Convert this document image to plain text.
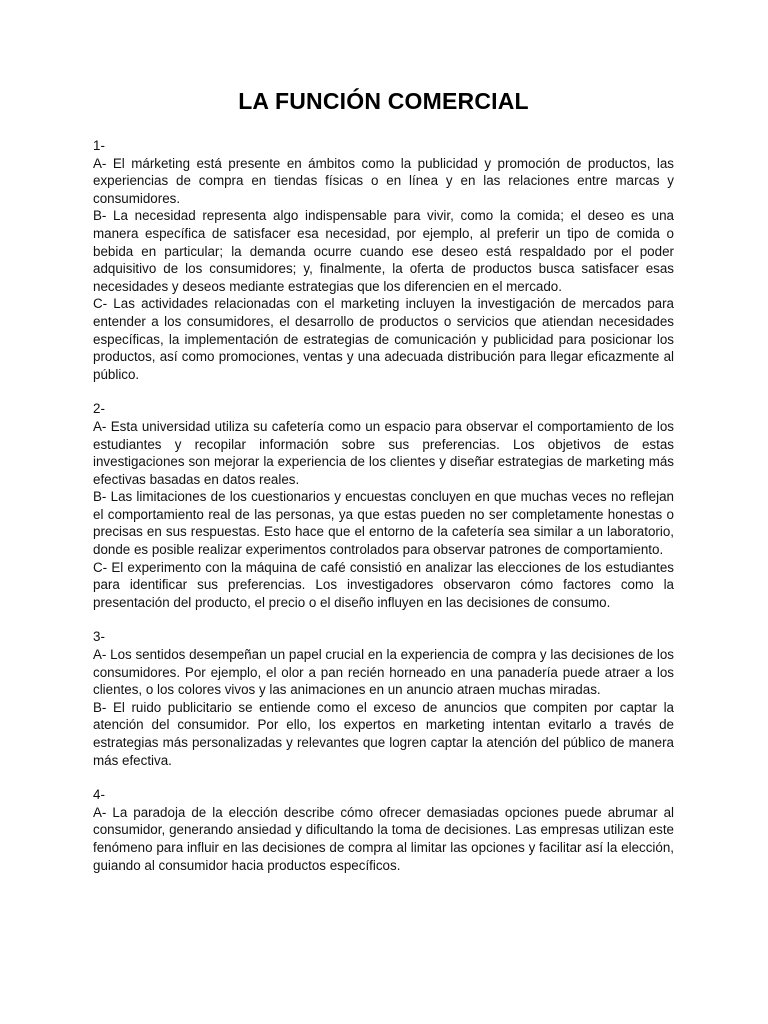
LA FUNCIÓN COMERCIAL

1-

A- El márketing está presente en ámbitos como la publicidad y promoción de productos, las experiencias de compra en tiendas físicas o en línea y en las relaciones entre marcas y consumidores.

B- La necesidad representa algo indispensable para vivir, como la comida; el deseo es una manera específica de satisfacer esa necesidad, por ejemplo, al preferir un tipo de comida o bebida en particular; la demanda ocurre cuando ese deseo está respaldado por el poder adquisitivo de los consumidores; y, finalmente, la oferta de productos busca satisfacer esas necesidades y deseos mediante estrategias que los diferencien en el mercado.

C- Las actividades relacionadas con el marketing incluyen la investigación de mercados para entender a los consumidores, el desarrollo de productos o servicios que atiendan necesidades específicas, la implementación de estrategias de comunicación y publicidad para posicionar los productos, así como promociones, ventas y una adecuada distribución para llegar eficazmente al público.

2-

A- Esta universidad utiliza su cafetería como un espacio para observar el comportamiento de los estudiantes y recopilar información sobre sus preferencias. Los objetivos de estas investigaciones son mejorar la experiencia de los clientes y diseñar estrategias de marketing más efectivas basadas en datos reales.

B- Las limitaciones de los cuestionarios y encuestas concluyen en que muchas veces no reflejan el comportamiento real de las personas, ya que estas pueden no ser completamente honestas o precisas en sus respuestas. Esto hace que el entorno de la cafetería sea similar a un laboratorio, donde es posible realizar experimentos controlados para observar patrones de comportamiento.

C- El experimento con la máquina de café consistió en analizar las elecciones de los estudiantes para identificar sus preferencias. Los investigadores observaron cómo factores como la presentación del producto, el precio o el diseño influyen en las decisiones de consumo.

3-

A- Los sentidos desempeñan un papel crucial en la experiencia de compra y las decisiones de los consumidores. Por ejemplo, el olor a pan recién horneado en una panadería puede atraer a los clientes, o los colores vivos y las animaciones en un anuncio atraen muchas miradas.

B- El ruido publicitario se entiende como el exceso de anuncios que compiten por captar la atención del consumidor. Por ello, los expertos en marketing intentan evitarlo a través de estrategias más personalizadas y relevantes que logren captar la atención del público de manera más efectiva.

4-

A- La paradoja de la elección describe cómo ofrecer demasiadas opciones puede abrumar al consumidor, generando ansiedad y dificultando la toma de decisiones. Las empresas utilizan este fenómeno para influir en las decisiones de compra al limitar las opciones y facilitar así la elección, guiando al consumidor hacia productos específicos.
